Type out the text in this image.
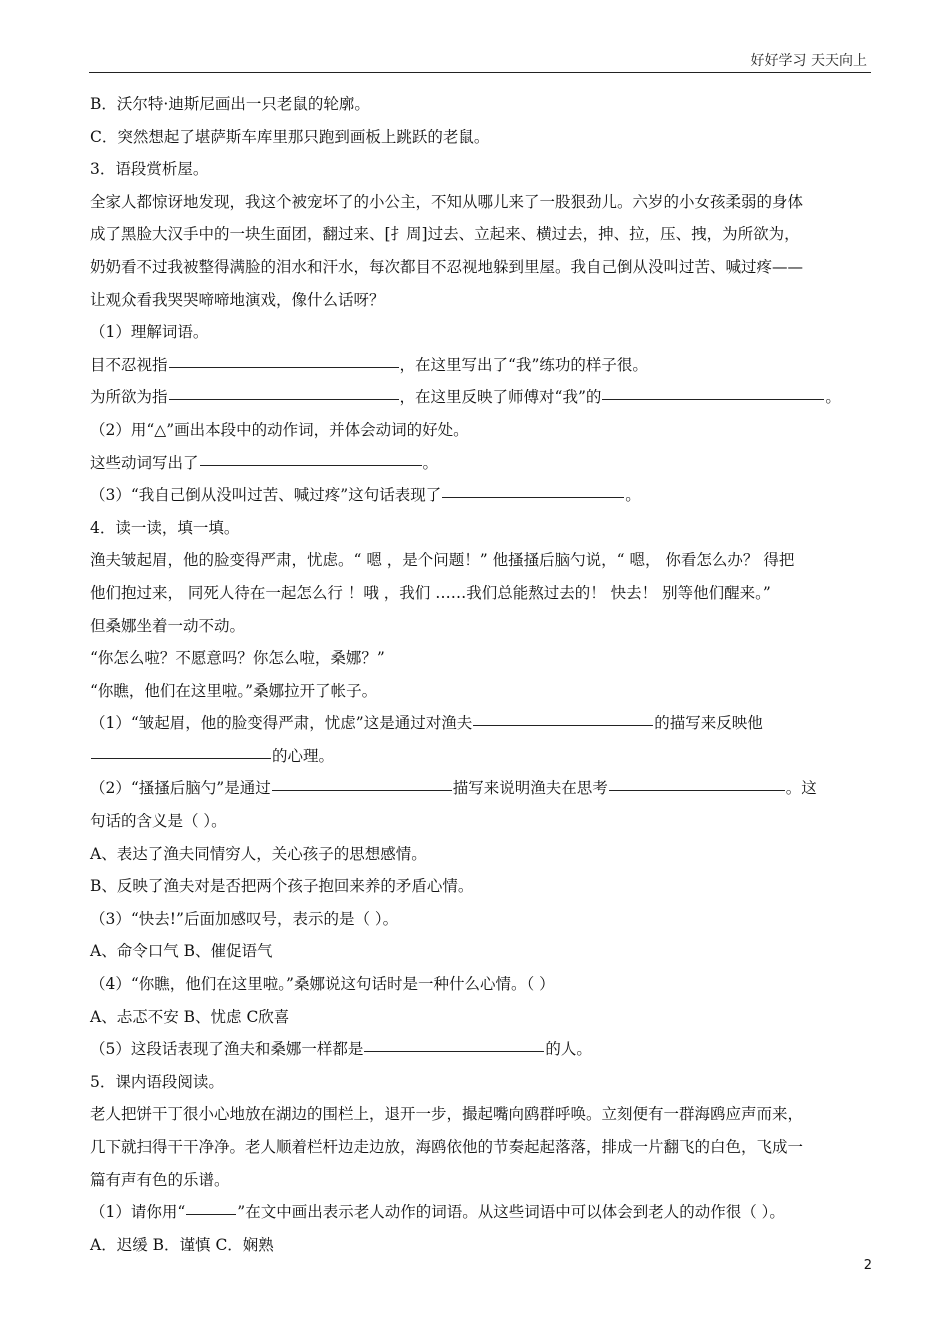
好好学习 天天向上
B．沃尔特·迪斯尼画出一只老鼠的轮廓。
C．突然想起了堪萨斯车库里那只跑到画板上跳跃的老鼠。
3．语段赏析屋。
全家人都惊讶地发现，我这个被宠坏了的小公主，不知从哪儿来了一股狠劲儿。六岁的小女孩柔弱的身体
成了黑脸大汉手中的一块生面团，翻过来、[扌周]过去、立起来、横过去，抻、拉，压、拽，为所欲为，
奶奶看不过我被整得满脸的泪水和汗水，每次都目不忍视地躲到里屋。我自己倒从没叫过苦、喊过疼——
让观众看我哭哭啼啼地演戏，像什么话呀？
（1）理解词语。
目不忍视指	，在这里写出了“我”练功的样子很。
为所欲为指	，在这里反映了师傅对“我”的	。
（2）用“△”画出本段中的动作词，并体会动词的好处。
这些动词写出了	。
（3）“我自己倒从没叫过苦、喊过疼”这句话表现了	。
4．读一读，填一填。
渔夫皱起眉，他的脸变得严肃，忧虑。“ 嗯 ，是个问题！” 他搔搔后脑勺说，“ 嗯， 你看怎么办？ 得把
他们抱过来， 同死人待在一起怎么行 ！哦 ，我们 ……我们总能熬过去的！ 快去！ 别等他们醒来。”
但桑娜坐着一动不动。
“你怎么啦？不愿意吗？你怎么啦，桑娜？”
“你瞧，他们在这里啦。”桑娜拉开了帐子。
（1）“皱起眉，他的脸变得严肃，忧虑”这是通过对渔夫	的描写来反映他
的心理。
（2）“搔搔后脑勺”是通过	描写来说明渔夫在思考	。这
句话的含义是（ ）。
A、表达了渔夫同情穷人，关心孩子的思想感情。
B、反映了渔夫对是否把两个孩子抱回来养的矛盾心情。
（3）“快去!”后面加感叹号，表示的是（ ）。
A、命令口气 B、催促语气
（4）“你瞧，他们在这里啦。”桑娜说这句话时是一种什么心情。（ ）
A、忐忑不安 B、忧虑 C欣喜
（5）这段话表现了渔夫和桑娜一样都是	的人。
5．课内语段阅读。
老人把饼干丁很小心地放在湖边的围栏上，退开一步，撮起嘴向鸥群呼唤。立刻便有一群海鸥应声而来，
几下就扫得干干净净。老人顺着栏杆边走边放，海鸥依他的节奏起起落落，排成一片翻飞的白色，飞成一
篇有声有色的乐谱。
（1）请你用“	”在文中画出表示老人动作的词语。从这些词语中可以体会到老人的动作很（ ）。
A．迟缓 B．谨慎 C．娴熟
2
